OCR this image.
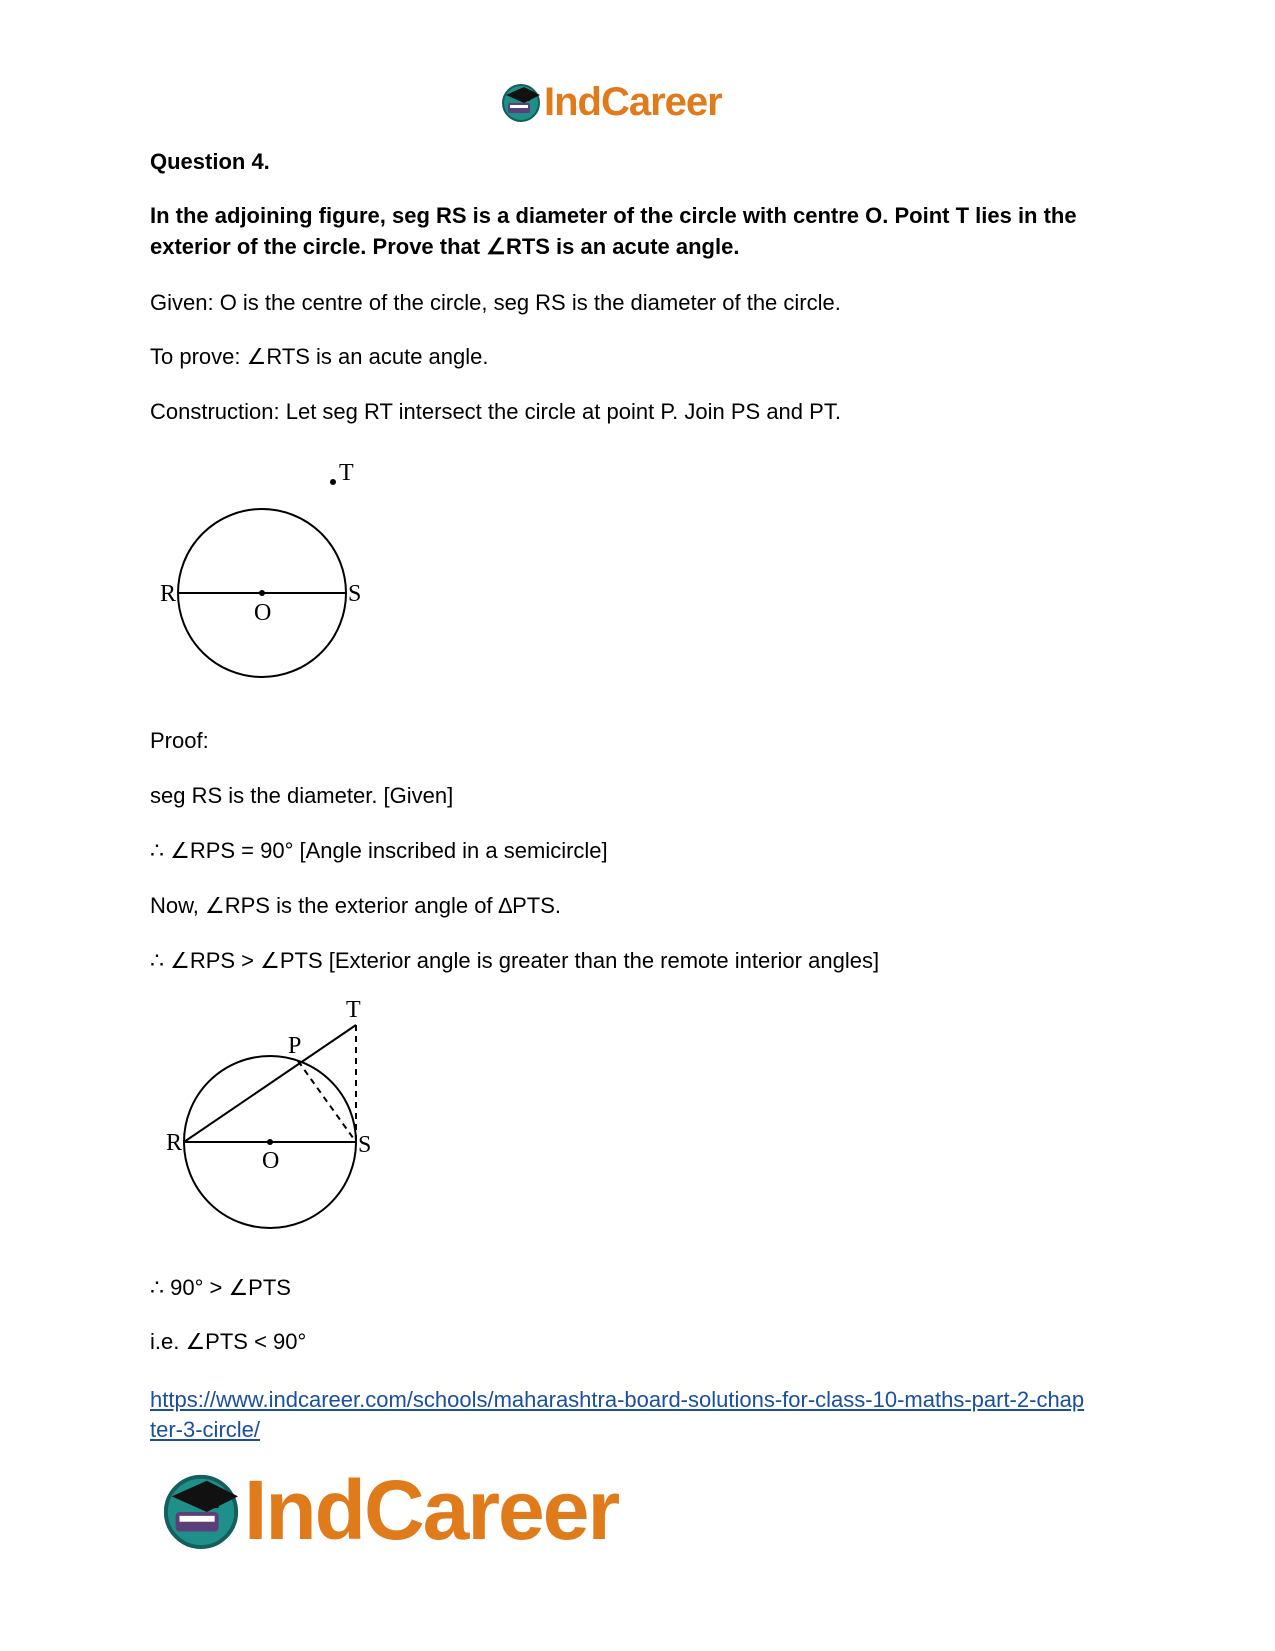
IndCareer
Question 4.
In the adjoining figure, seg RS is a diameter of the circle with centre O. Point T lies in the
exterior of the circle. Prove that ∠RTS is an acute angle.
Given: O is the centre of the circle, seg RS is the diameter of the circle.
To prove: ∠RTS is an acute angle.
Construction: Let seg RT intersect the circle at point P. Join PS and PT.
T
R
O
S
Proof:
seg RS is the diameter. [Given]
∴ ∠RPS = 90° [Angle inscribed in a semicircle]
Now, ∠RPS is the exterior angle of ∆PTS.
∴ ∠RPS > ∠PTS [Exterior angle is greater than the remote interior angles]
T
P
R
O
S
∴ 90° > ∠PTS
i.e. ∠PTS < 90°
https://www.indcareer.com/schools/maharashtra-board-solutions-for-class-10-maths-part-2-chap
ter-3-circle/
IndCareer
